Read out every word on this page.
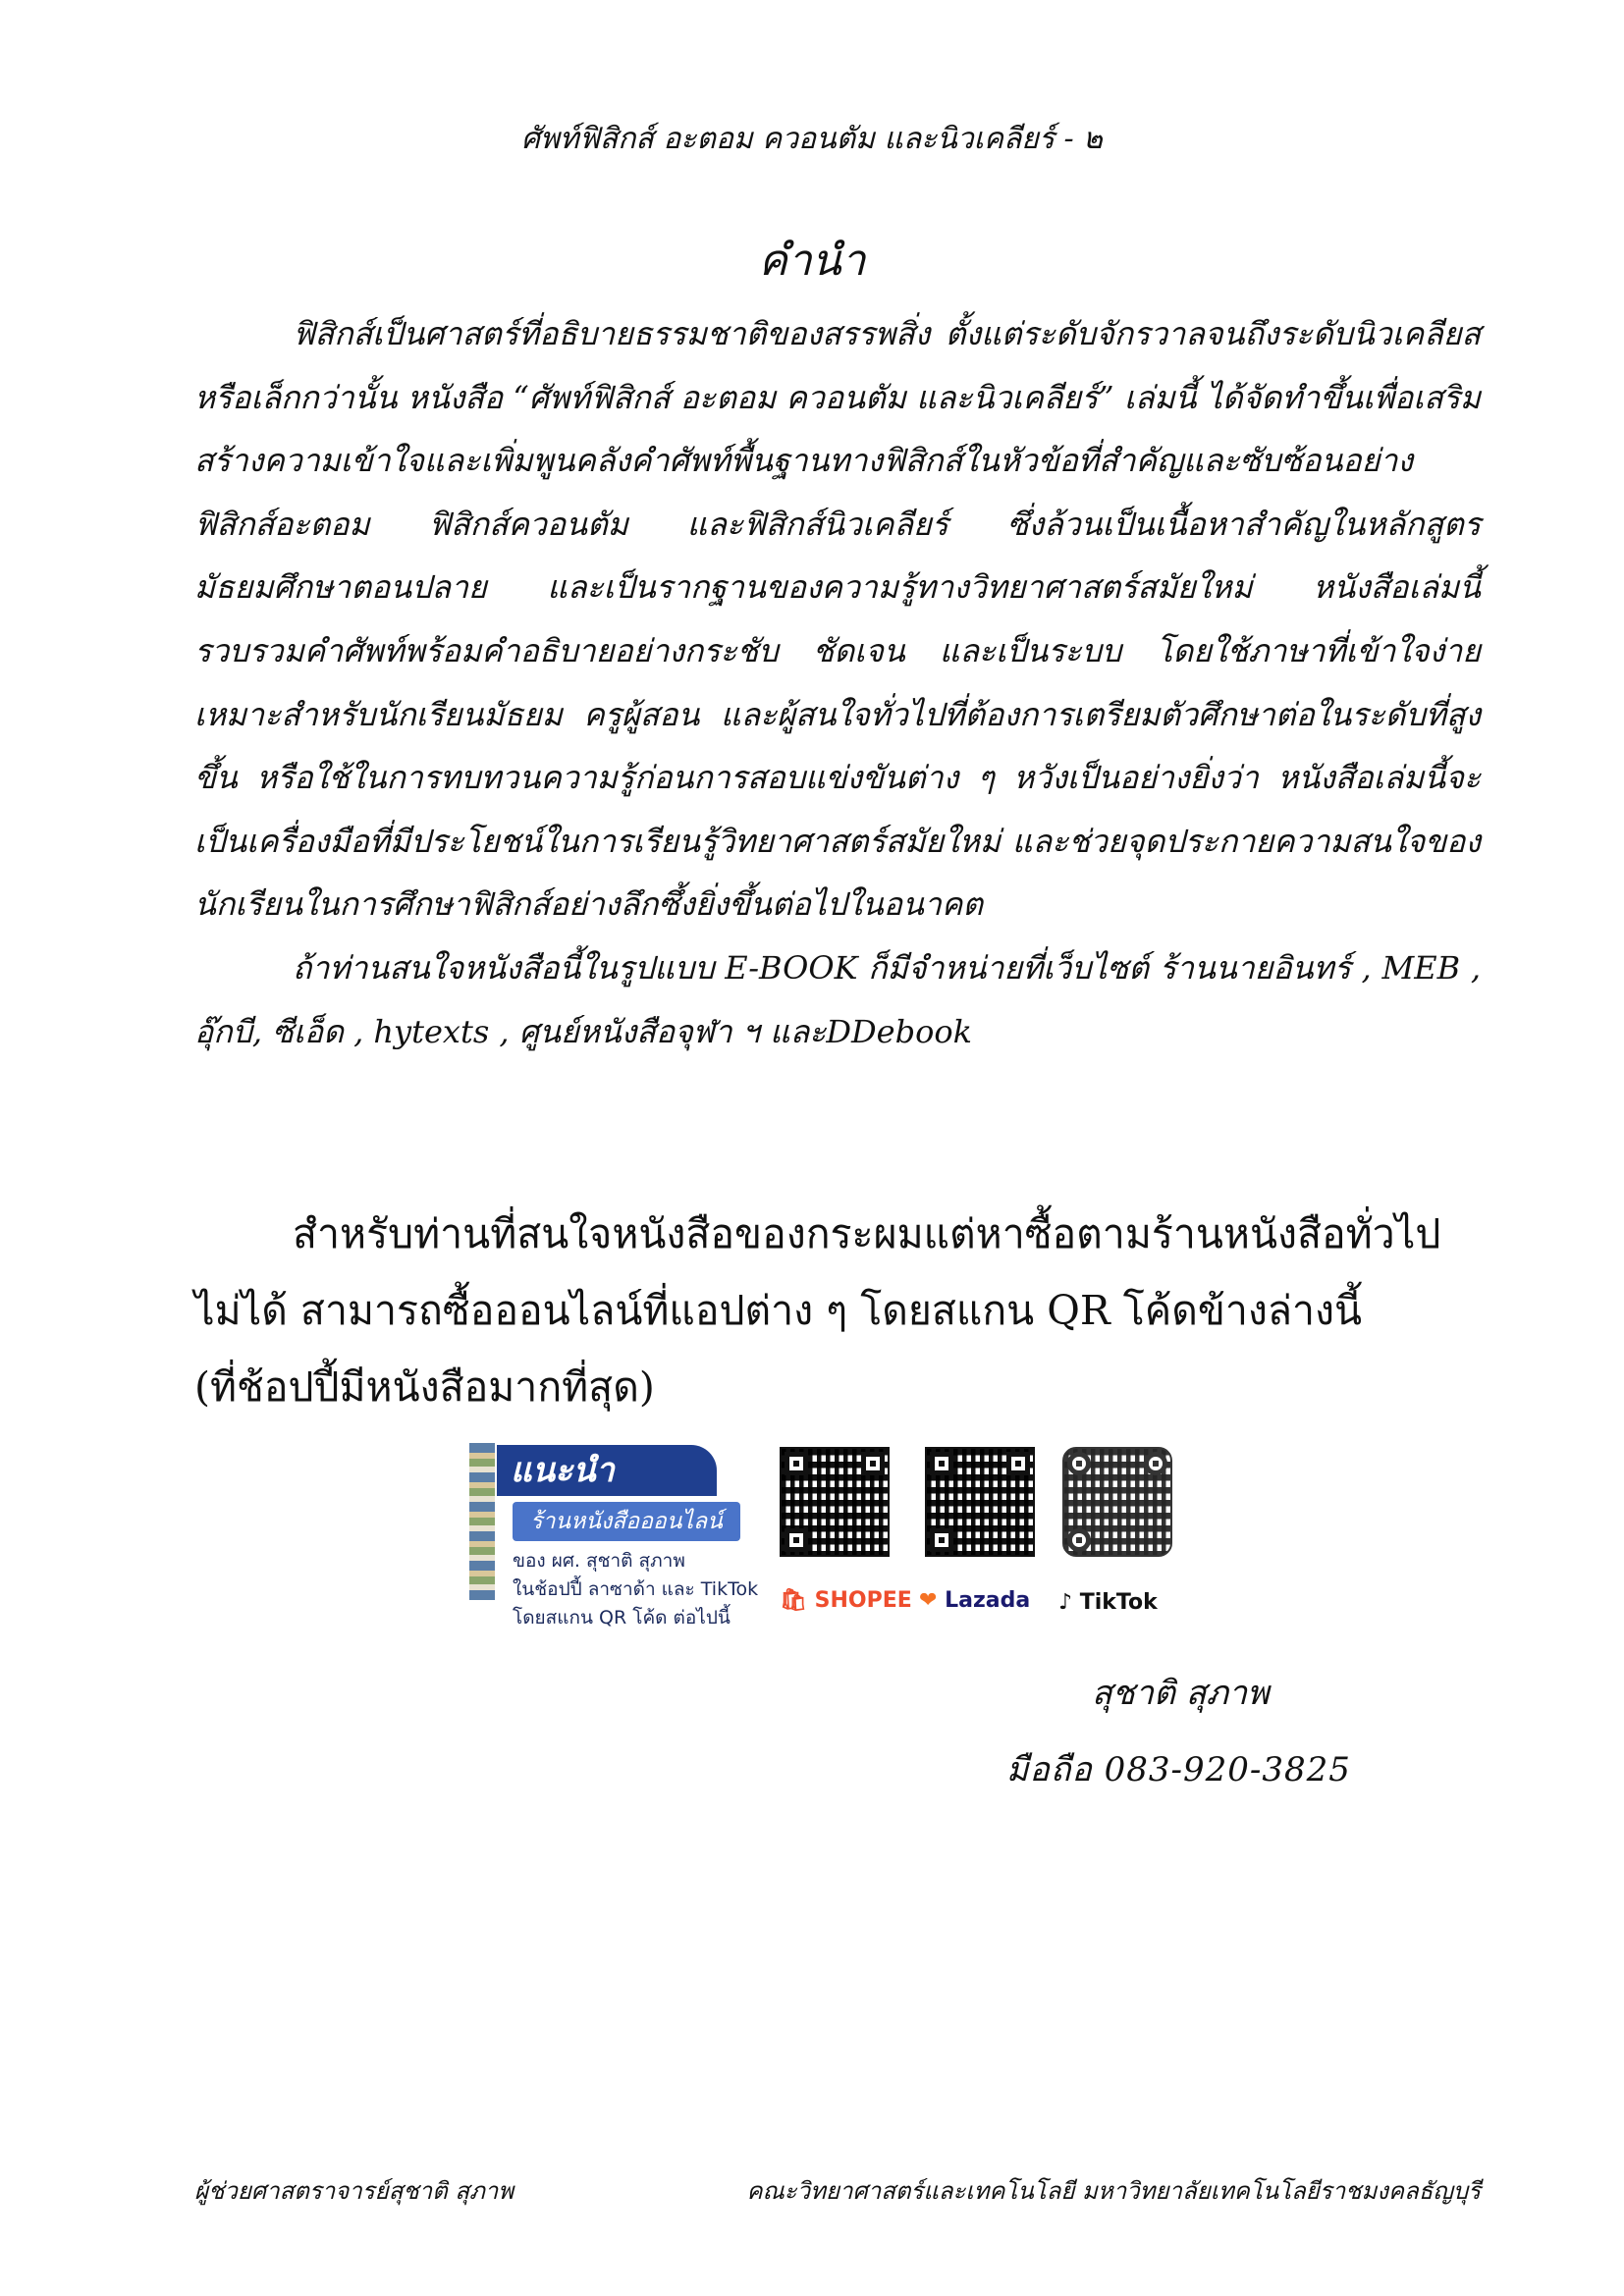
ศัพท์ฟิสิกส์ อะตอม ควอนตัม และนิวเคลียร์ - ๒
คำนำ

ฟิสิกส์เป็นศาสตร์ที่อธิบายธรรมชาติของสรรพสิ่ง ตั้งแต่ระดับจักรวาลจนถึงระดับนิวเคลียสหรือเล็กกว่านั้น หนังสือ “ศัพท์ฟิสิกส์ อะตอม ควอนตัม และนิวเคลียร์” เล่มนี้ ได้จัดทำขึ้นเพื่อเสริมสร้างความเข้าใจและเพิ่มพูนคลังคำศัพท์พื้นฐานทางฟิสิกส์ในหัวข้อที่สำคัญและซับซ้อนอย่าง ฟิสิกส์อะตอม ฟิสิกส์ควอนตัม และฟิสิกส์นิวเคลียร์ ซึ่งล้วนเป็นเนื้อหาสำคัญในหลักสูตรมัธยมศึกษาตอนปลาย และเป็นรากฐานของความรู้ทางวิทยาศาสตร์สมัยใหม่ หนังสือเล่มนี้รวบรวมคำศัพท์พร้อมคำอธิบายอย่างกระชับ ชัดเจน และเป็นระบบ โดยใช้ภาษาที่เข้าใจง่าย เหมาะสำหรับนักเรียนมัธยม ครูผู้สอน และผู้สนใจทั่วไปที่ต้องการเตรียมตัวศึกษาต่อในระดับที่สูงขึ้น หรือใช้ในการทบทวนความรู้ก่อนการสอบแข่งขันต่าง ๆ หวังเป็นอย่างยิ่งว่า หนังสือเล่มนี้จะเป็นเครื่องมือที่มีประโยชน์ในการเรียนรู้วิทยาศาสตร์สมัยใหม่ และช่วยจุดประกายความสนใจของนักเรียนในการศึกษาฟิสิกส์อย่างลึกซึ้งยิ่งขึ้นต่อไปในอนาคต

ถ้าท่านสนใจหนังสือนี้ในรูปแบบ E-BOOK ก็มีจำหน่ายที่เว็บไซต์ ร้านนายอินทร์ , MEB , อุ๊กบี, ซีเอ็ด , hytexts , ศูนย์หนังสือจุฬา ฯ และDDebook

สำหรับท่านที่สนใจหนังสือของกระผมแต่หาซื้อตามร้านหนังสือทั่วไปไม่ได้ สามารถซื้อออนไลน์ที่แอปต่าง ๆ โดยสแกน QR โค้ดข้างล่างนี้

(ที่ช้อปปี้มีหนังสือมากที่สุด)

แนะนำ
ร้านหนังสือออนไลน์
ของ ผศ. สุชาติ สุภาพ
ในช้อปปี้ ลาซาด้า และ TikTok
โดยสแกน QR โค้ด ต่อไปนี้
🛍 SHOPEE ❤ Lazada ♪ TikTok
สุชาติ สุภาพ
มือถือ 083-920-3825
ผู้ช่วยศาสตราจารย์สุชาติ สุภาพ	คณะวิทยาศาสตร์และเทคโนโลยี มหาวิทยาลัยเทคโนโลยีราชมงคลธัญบุรี
